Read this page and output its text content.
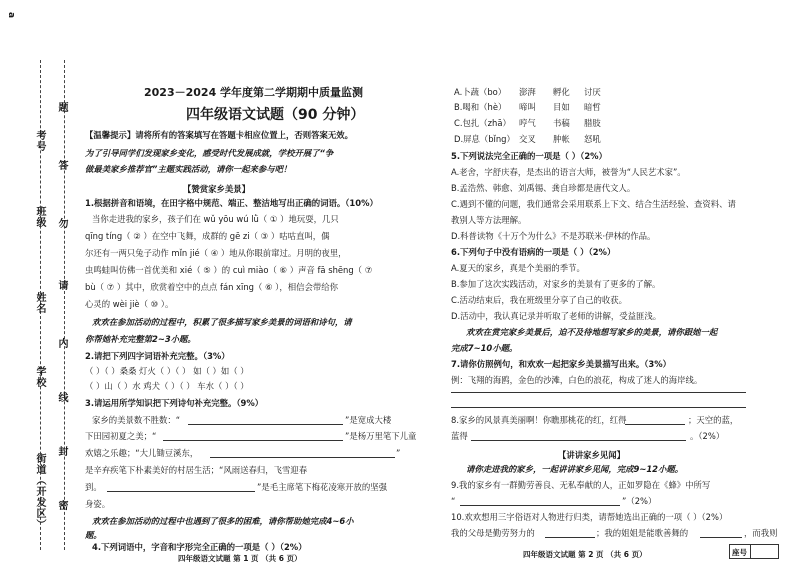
a
街道（开发区）
学校
姓名
班级
考号
密
封
线
内
请
勿
答
题
2023－2024 学年度第二学期期中质量监测
四年级语文试题（90 分钟）
【温馨提示】请将所有的答案填写在答题卡相应位置上，否则答案无效。
为了引导同学们发现家乡变化，感受时代发展成就，学校开展了“争
做最美家乡推荐官”主题实践活动，请你一起来参与吧！
【赞赏家乡美景】
1.根据拼音和语境，在田字格中规范、端正、整洁地写出正确的词语。（10%）
当你走进我的家乡，孩子们在 wǔ yōu wú lǜ（ ① ）地玩耍，几只
qīng tíng（ ② ）在空中飞舞，成群的 gē zi（ ③ ）咕咕直叫，偶
尔还有一两只兔子动作 mǐn jié（ ④ ）地从你眼前窜过。月明的夜里，
虫鸣蛙叫仿佛一首优美和 xié（ ⑤ ）的 cuì miào（ ⑥ ）声音 fā shēng（ ⑦
bù（ ⑦ ）其中，欣赏着空中的点点 fán xīng（ ⑥ ），相信会带给你
心灵的 wèi jiè（ ⑩ ）。
欢欢在参加活动的过程中，积累了很多描写家乡美景的词语和诗句，请
你帮她补充完整第2~3小题。
2.请把下列四字词语补充完整。（3%）
（ ）（ ）桑桑 灯火（ ）（ ） 如（ ）如（ ）
（ ）山（ ）水 鸡犬（ ）（ ） 车水（ ）（ ）
3.请运用所学知识把下列诗句补充完整。（9%）
家乡的美景数不胜数：“	”是宽成大楼
下田园初夏之美；“	”是杨万里笔下儿童
欢嬉之乐趣；“大儿锄豆溪东，	”
是辛弃疾笔下朴素美好的村居生活；“风雨送春归，飞雪迎春
到。	”是毛主席笔下梅花凌寒开放的坚强
身姿。
欢欢在参加活动的过程中也遇到了很多的困难，请你帮助她完成4~6小
题。
4.下列词语中，字音和字形完全正确的一项是（ ）（2%）
四年级语文试题 第 1 页 （共 6 页）
A.卜蔬（bo） 澎湃 孵化 讨厌
B.喝和（hè） 啼叫 目如 暗哲
C.包扎（zhā） 哼气 书稿 腊肢
D.屏息（bǐng） 交叉 肿帐 怒吼
5.下列说法完全正确的一项是（ ）（2%）
A.老舍，字舒庆春，是杰出的语言大师，被誉为“人民艺术家”。
B.孟浩然、韩愈、刘禹锡、龚自珍都是唐代文人。
C.遇到不懂的问题，我们通常会采用联系上下文、结合生活经验、查资料、请
教别人等方法理解。
D.科普读物《十万个为什么》不是苏联米·伊林的作品。
6.下列句子中没有语病的一项是（ ）（2%）
A.夏天的家乡，真是个美丽的季节。
B.参加了这次实践活动，对家乡的美景有了更多的了解。
C.活动结束后，我在班级里分享了自己的收获。
D.活动中，我认真记录并听取了老师的讲解，受益匪浅。
欢欢在赏完家乡美景后，迫不及待地想写家乡的美景，请你跟她一起
完成7~10小题。
7.请你仿照例句，和欢欢一起把家乡美景描写出来。（3%）
例：飞翔的海鸥，金色的沙滩，白色的浪花，构成了迷人的海岸线。
8.家乡的风景真美丽啊！你瞧那桃花的红，红得	；天空的蓝，
蓝得	。（2%）
【讲讲家乡见闻】
请你走进我的家乡，一起讲讲家乡见闻，完成9~12小题。
9.我的家乡有一群勤劳善良、无私奉献的人，正如罗隐在《蜂》中所写
“	”（2%）
10.欢欢想用三字俗语对人物进行归类，请帮她选出正确的一项（ ）（2%）
我的父母是勤劳努力的	；我的姐姐是能歌善舞的	，而我则
四年级语文试题 第 2 页 （共 6 页）	座号
